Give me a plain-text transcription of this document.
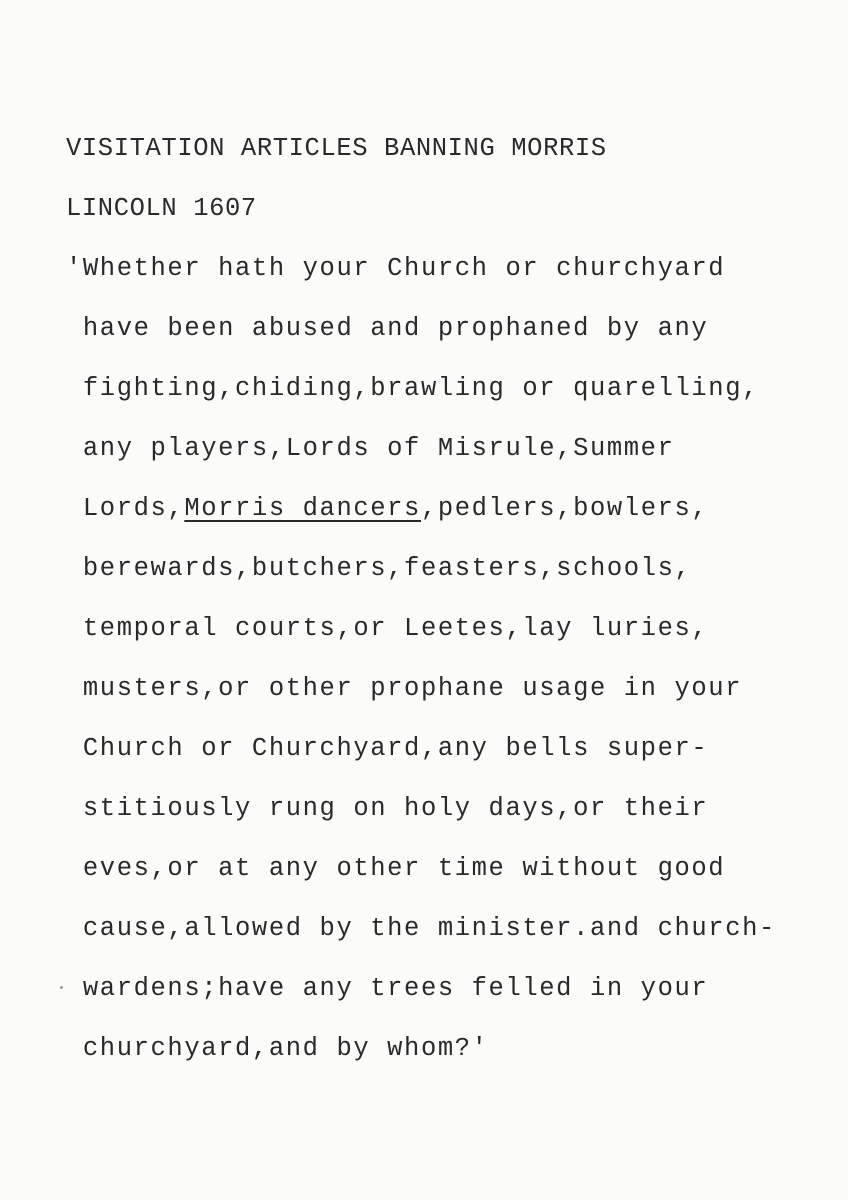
VISITATION ARTICLES BANNING MORRIS
LINCOLN 1607
'Whether hath your Church or churchyard
have been abused and prophaned by any
fighting,chiding,brawling or quarelling,
any players,Lords of Misrule,Summer
Lords,Morris dancers,pedlers,bowlers,
berewards,butchers,feasters,schools,
temporal courts,or Leetes,lay luries,
musters,or other prophane usage in your
Church or Churchyard,any bells super-
stitiously rung on holy days,or their
eves,or at any other time without good
cause,allowed by the minister.and church-
wardens;have any trees felled in your
churchyard,and by whom?'
